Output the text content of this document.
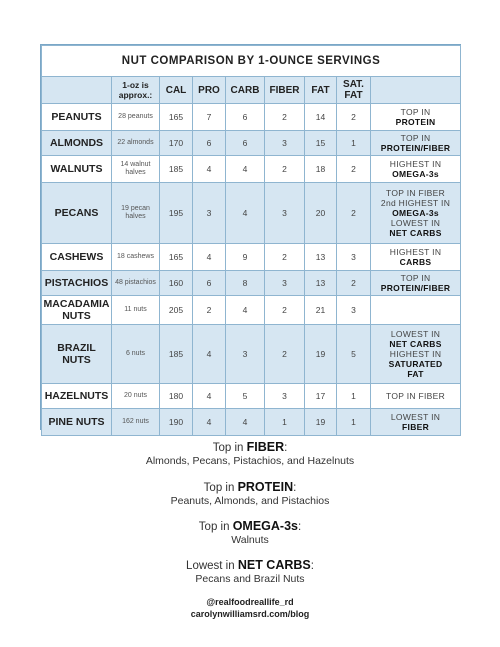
NUT COMPARISON BY 1-OUNCE SERVINGS								
	1-oz is approx.:	CAL	PRO	CARB	FIBER	FAT	SAT. FAT	
PEANUTS	28 peanuts	165	7	6	2	14	2	TOP IN
PROTEIN

ALMONDS	22 almonds	170	6	6	3	15	1	TOP IN
PROTEIN/FIBER

WALNUTS	14 walnut halves	185	4	4	2	18	2	HIGHEST IN
OMEGA-3s

PECANS	19 pecan halves	195	3	4	3	20	2	TOP IN FIBER
2nd HIGHEST IN
OMEGA-3s
LOWEST IN
NET CARBS

CASHEWS	18 cashews	165	4	9	2	13	3	HIGHEST IN
CARBS

PISTACHIOS	48 pistachios	160	6	8	3	13	2	TOP IN
PROTEIN/FIBER

MACADAMIA NUTS	11 nuts	205	2	4	2	21	3	
BRAZIL NUTS	6 nuts	185	4	3	2	19	5	LOWEST IN
NET CARBS
HIGHEST IN
SATURATED
FAT

HAZELNUTS	20 nuts	180	4	5	3	17	1	TOP IN FIBER

PINE NUTS	162 nuts	190	4	4	1	19	1	LOWEST IN
FIBER
Top in FIBER:
Almonds, Pecans, Pistachios, and Hazelnuts
Top in PROTEIN:
Peanuts, Almonds, and Pistachios
Top in OMEGA-3s:
Walnuts
Lowest in NET CARBS:
Pecans and Brazil Nuts
@realfoodreallife_rd
carolynwilliamsrd.com/blog
